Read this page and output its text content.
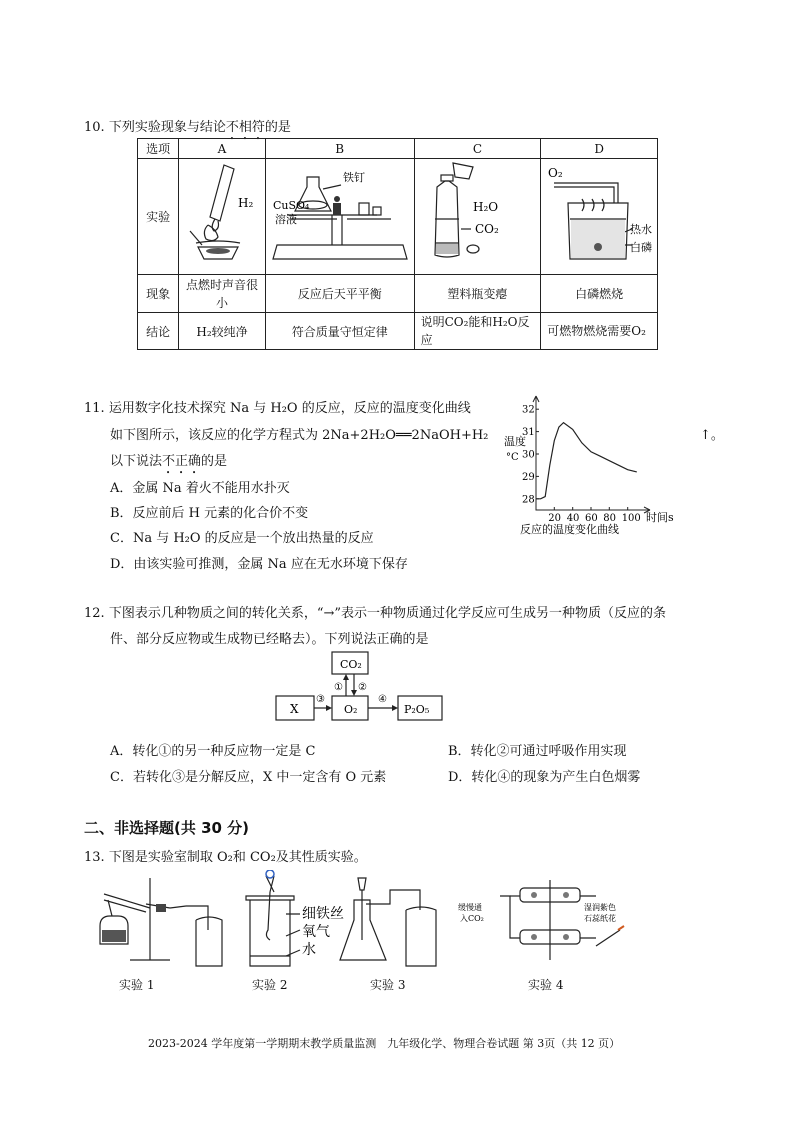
10. 下列实验现象与结论不相符的是
选项	A	B	C	D
实验	H₂	CuSO₄
溶液
铁钉	H₂O
CO₂	O₂
热水
白磷

现象	点燃时声音很小	反应后天平平衡	塑料瓶变瘪	白磷燃烧
结论	H₂较纯净	符合质量守恒定律	说明CO₂能和H₂O反应	可燃物燃烧需要O₂
11. 运用数字化技术探究 Na 与 H₂O 的反应，反应的温度变化曲线
如下图所示，该反应的化学方程式为 2Na+2H₂O══2NaOH+H₂	↑。
以下说法不正确的是
A．金属 Na 着火不能用水扑灭
B．反应前后 H 元素的化合价不变
C．Na 与 H₂O 的反应是一个放出热量的反应
D．由该实验可推测，金属 Na 应在无水环境下保存
32
31
30
29
28
20 40 60 80 100
温度
°C
时间s
反应的温度变化曲线
12. 下图表示几种物质之间的转化关系，“→”表示一种物质通过化学反应可生成另一种物质（反应的条
件、部分反应物或生成物已经略去）。下列说法正确的是
CO₂
X	O₂	P₂O₅
① ②
③	④
A．转化①的另一种反应物一定是 C	B．转化②可通过呼吸作用实现
C．若转化③是分解反应，X 中一定含有 O 元素	D．转化④的现象为产生白色烟雾
二、非选择题(共 30 分)
13. 下图是实验室制取 O₂和 CO₂及其性质实验。
细铁丝
氧气
水
缓慢通
入CO₂
湿润紫色
石蕊纸花
实验 1	实验 2	实验 3	实验 4
2023-2024 学年度第一学期期末教学质量监测　九年级化学、物理合卷试题 第 3页（共 12 页）
